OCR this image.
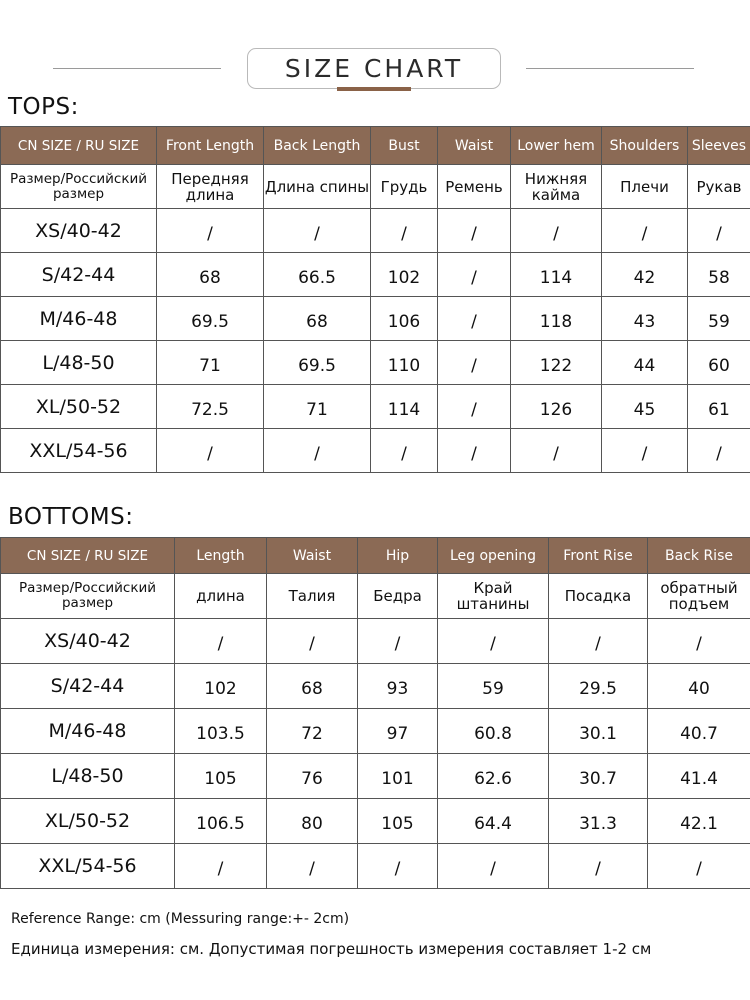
SIZE CHART
TOPS:
CN SIZE / RU SIZE	Front Length	Back Length	Bust	Waist	Lower hem	Shoulders	Sleeves
Размер/Российский размер	Передняя длина	Длина спины	Грудь	Ремень	Нижняя кайма	Плечи	Рукав
XS/40-42	/	/	/	/	/	/	/
S/42-44	68	66.5	102	/	114	42	58
M/46-48	69.5	68	106	/	118	43	59
L/48-50	71	69.5	110	/	122	44	60
XL/50-52	72.5	71	114	/	126	45	61
XXL/54-56	/	/	/	/	/	/	/
BOTTOMS:
CN SIZE / RU SIZE	Length	Waist	Hip	Leg opening	Front Rise	Back Rise
Размер/Российский размер	длина	Талия	Бедра	Край штанины	Посадка	обратный подъем
XS/40-42	/	/	/	/	/	/
S/42-44	102	68	93	59	29.5	40
M/46-48	103.5	72	97	60.8	30.1	40.7
L/48-50	105	76	101	62.6	30.7	41.4
XL/50-52	106.5	80	105	64.4	31.3	42.1
XXL/54-56	/	/	/	/	/	/
Reference Range: cm (Messuring range:+- 2cm)
Единица измерения: см. Допустимая погрешность измерения составляет 1-2 см
